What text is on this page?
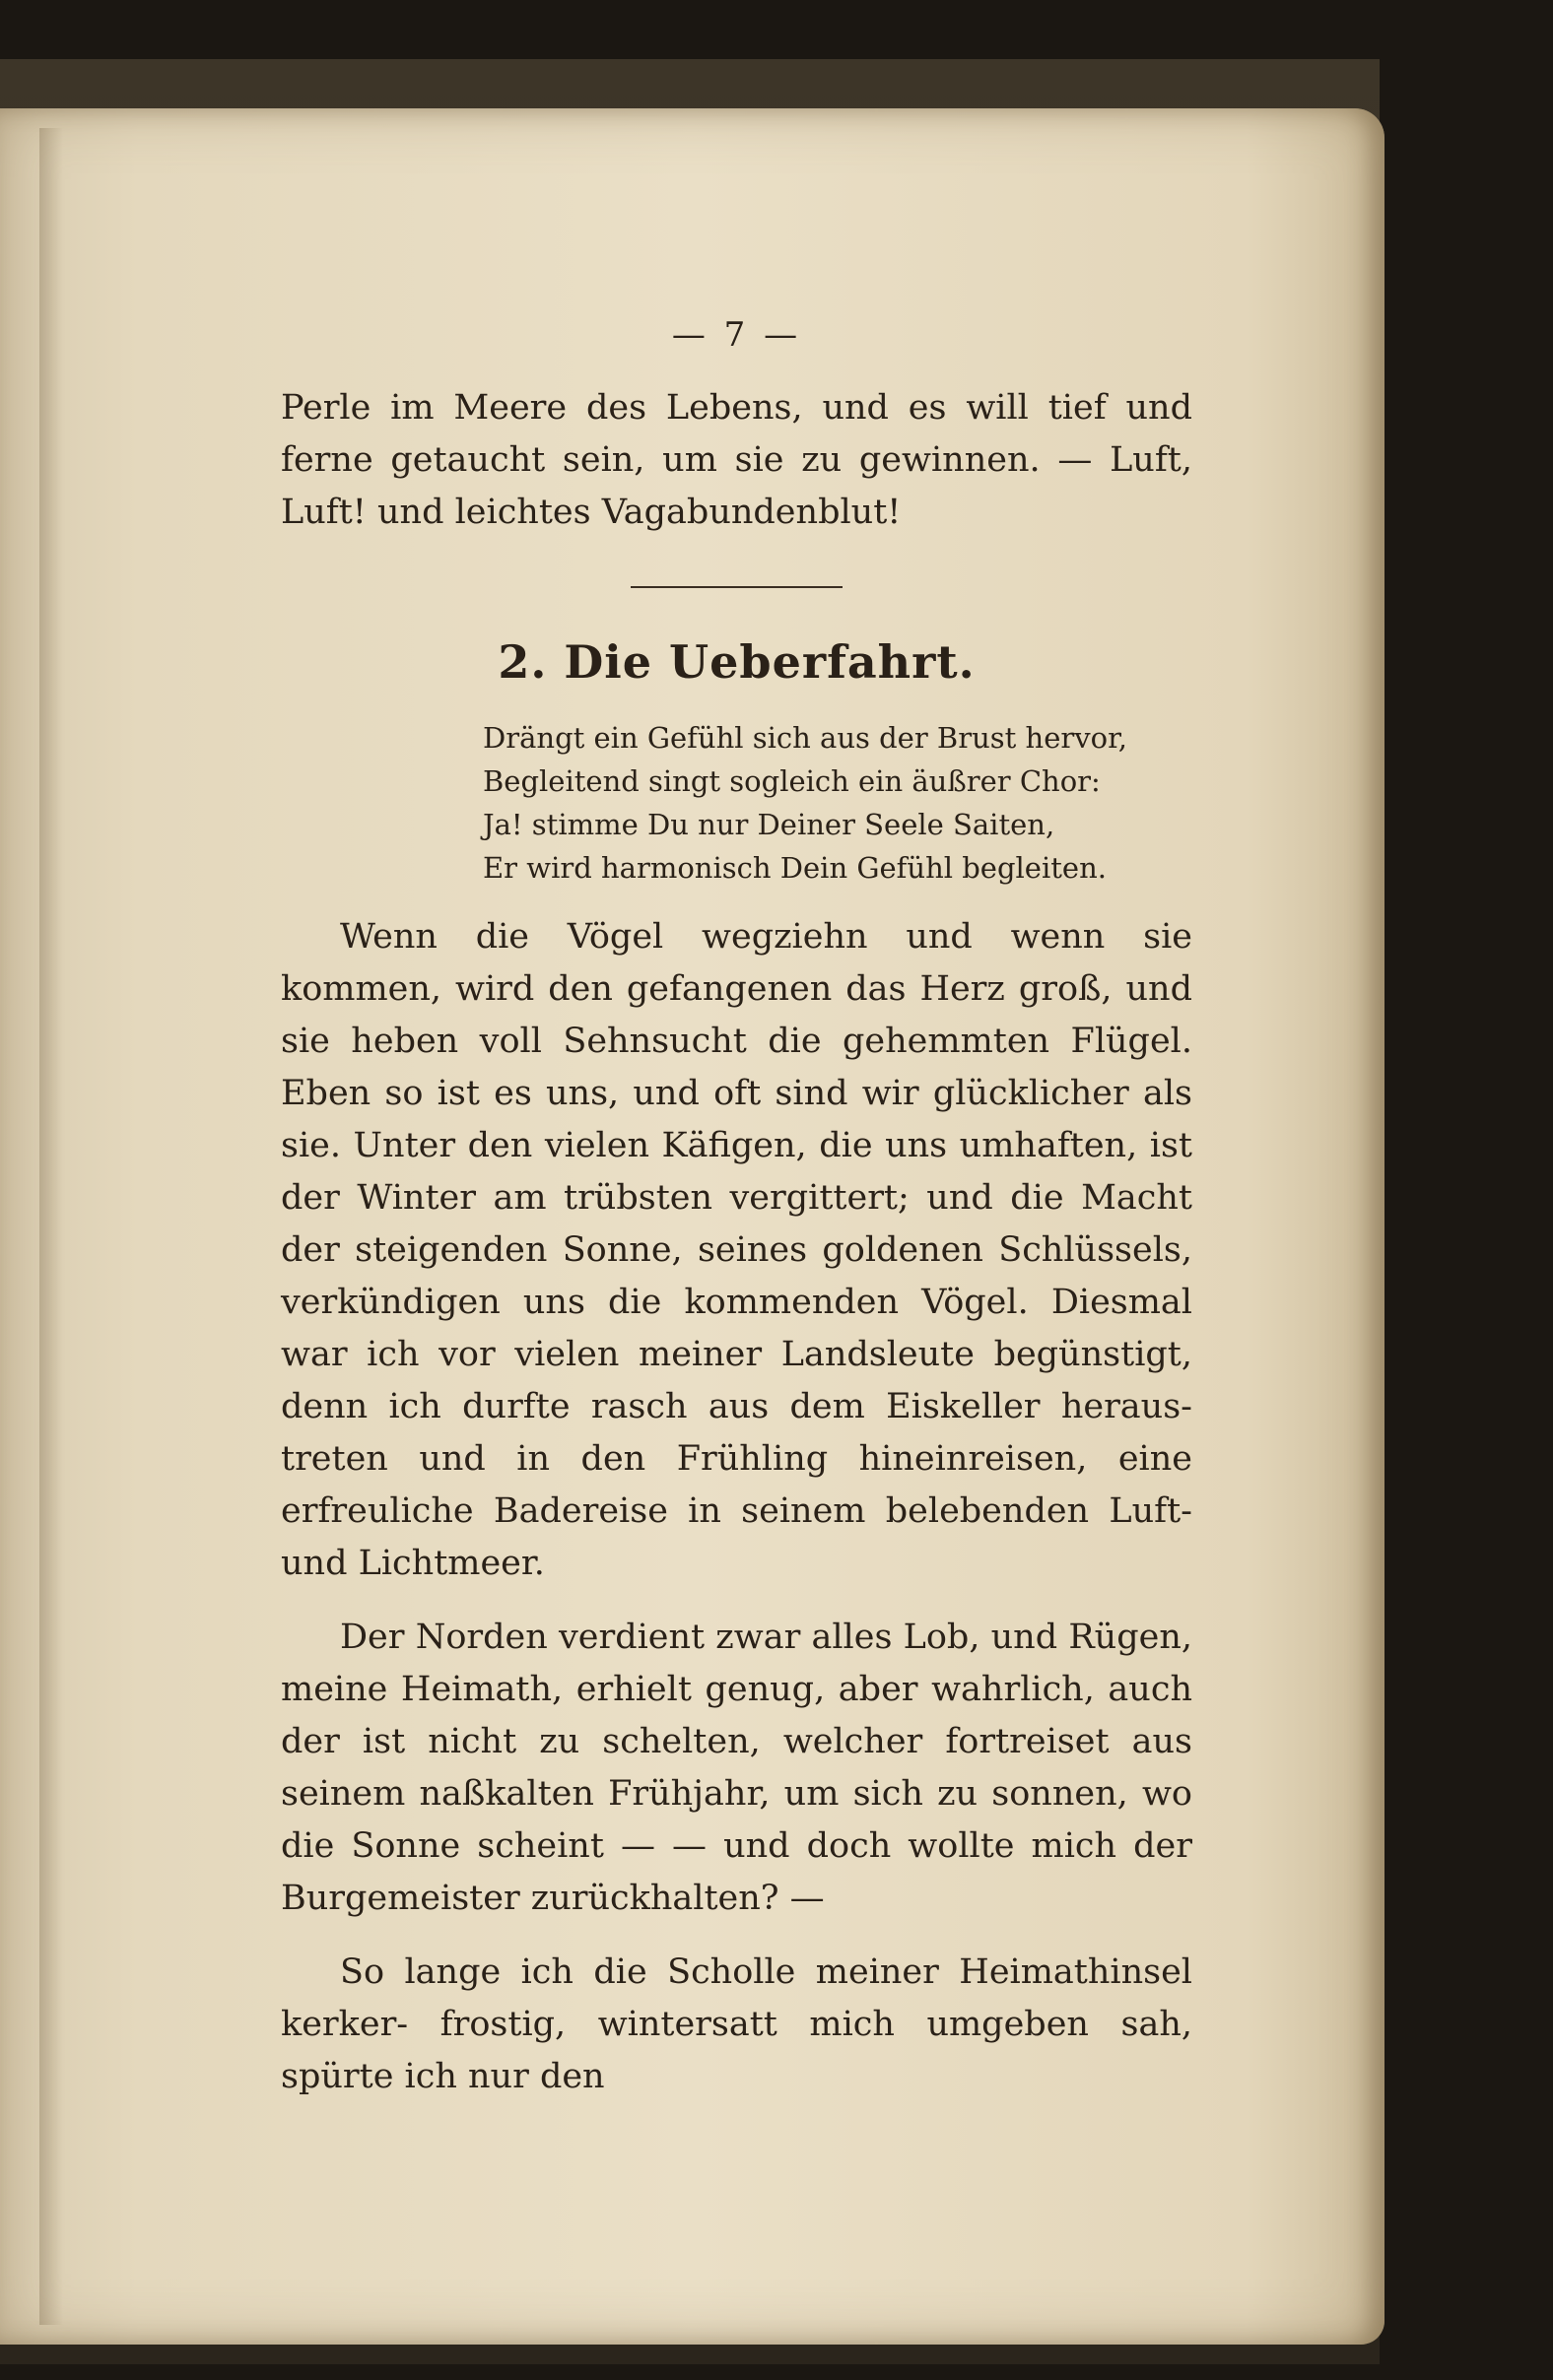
— 7 —

Perle im Meere des Lebens, und es will tief und ferne getaucht sein, um sie zu gewinnen. — Luft, Luft! und leichtes Vagabundenblut!

2. Die Ueberfahrt.
Drängt ein Gefühl sich aus der Brust hervor,
Begleitend singt sogleich ein äußrer Chor:
Ja! stimme Du nur Deiner Seele Saiten,
Er wird harmonisch Dein Gefühl begleiten.

Wenn die Vögel wegziehn und wenn sie kommen, wird den gefangenen das Herz groß, und sie heben voll Sehnsucht die gehemmten Flügel. Eben so ist es uns, und oft sind wir glücklicher als sie. Unter den vielen Käfigen, die uns umhaften, ist der Winter am trübsten vergittert; und die Macht der steigenden Sonne, seines goldenen Schlüssels, verkündigen uns die kommenden Vögel. Diesmal war ich vor vielen meiner Landsleute begünstigt, denn ich durfte rasch aus dem Eiskeller heraus- treten und in den Frühling hineinreisen, eine erfreuliche Badereise in seinem belebenden Luft- und Lichtmeer.

Der Norden verdient zwar alles Lob, und Rügen, meine Heimath, erhielt genug, aber wahrlich, auch der ist nicht zu schelten, welcher fortreiset aus seinem naßkalten Frühjahr, um sich zu sonnen, wo die Sonne scheint — — und doch wollte mich der Burgemeister zurückhalten? —

So lange ich die Scholle meiner Heimathinsel kerker- frostig, wintersatt mich umgeben sah, spürte ich nur den
